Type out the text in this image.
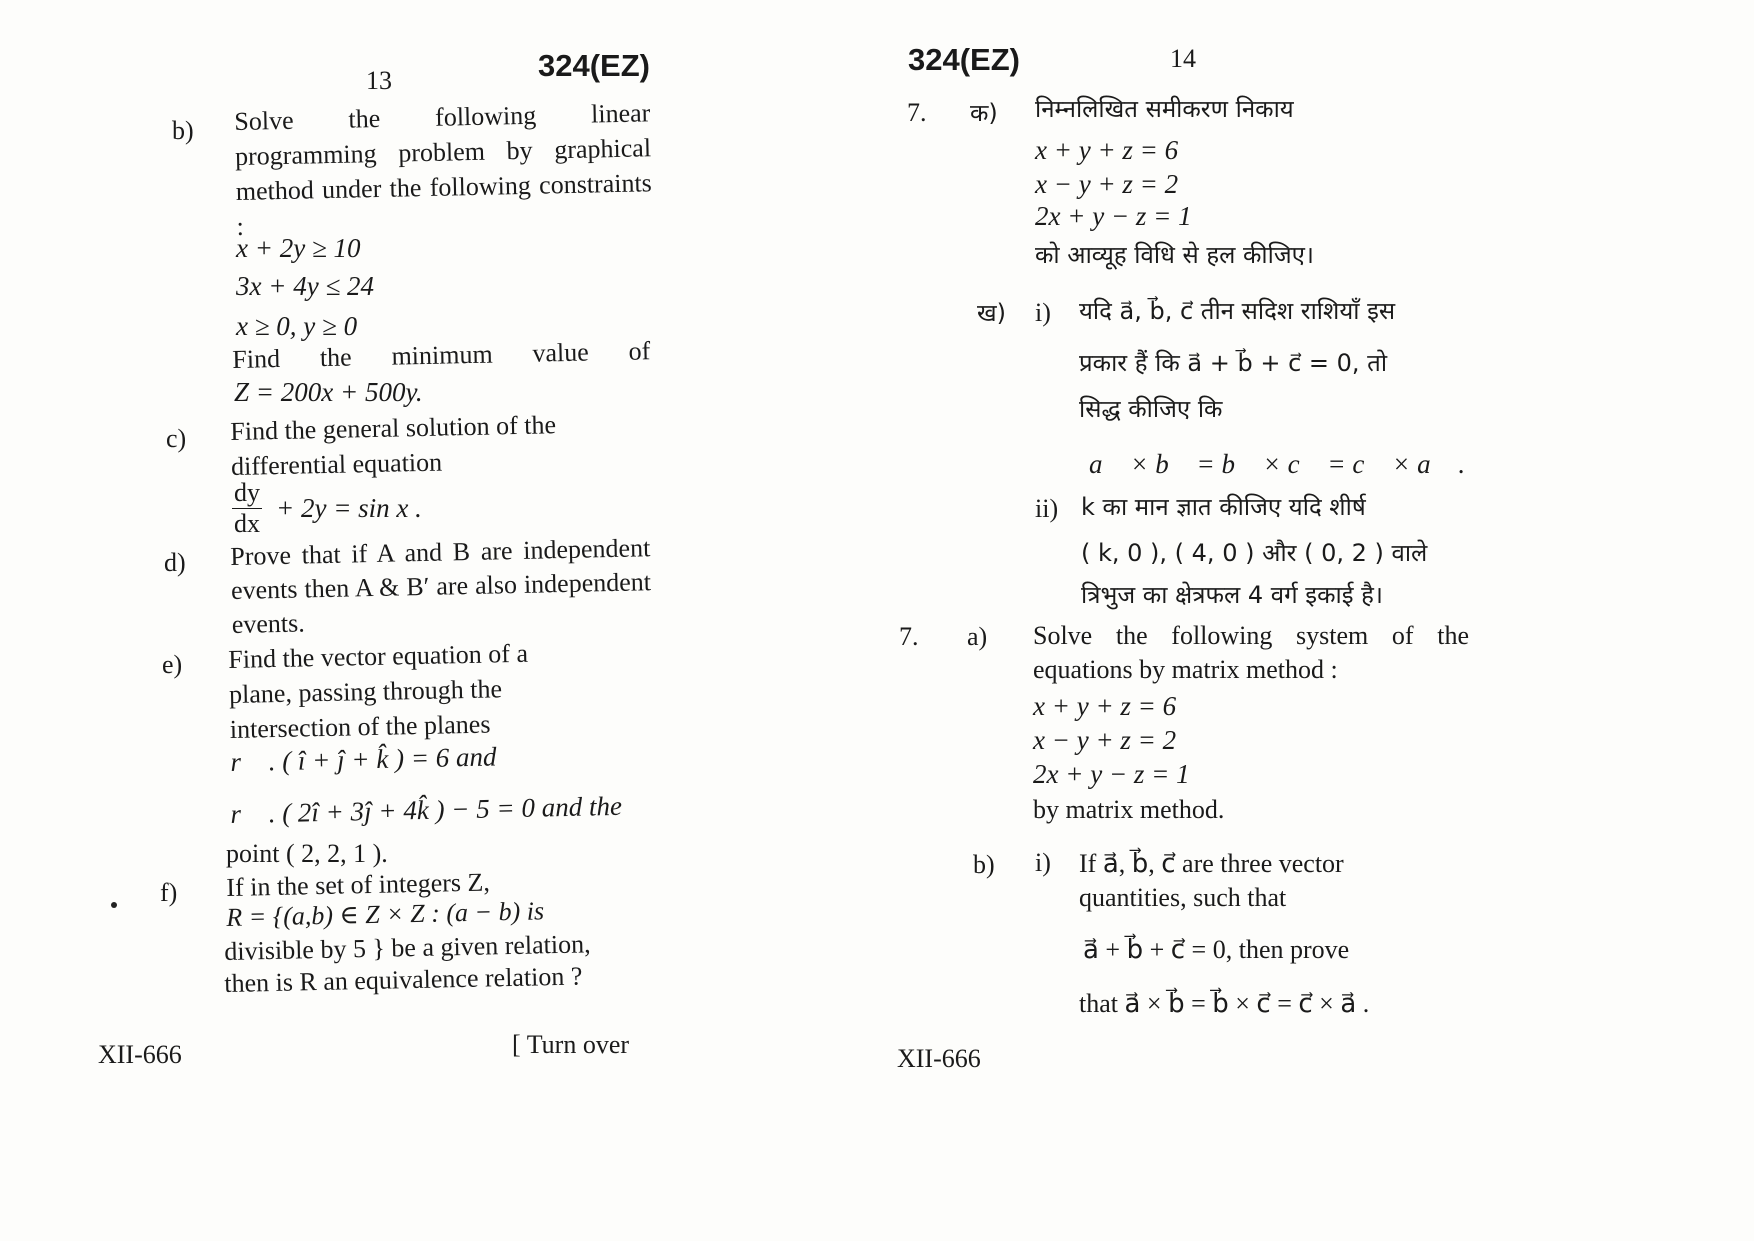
13	324(EZ)
b) Solve the following linear programming problem by graphical method under the following constraints :
x + 2y ≥ 10
3x + 4y ≤ 24
x ≥ 0, y ≥ 0
Find the minimum value of
Z = 200x + 500y.
c) Find the general solution of the differential equation
$\frac{dy}{dx} + 2y = \sin x$ .
d) Prove that if A and B are independent events then A & B′ are also independent events.
e) Find the vector equation of a plane, passing through the intersection of the planes
r⃗ . ( î + ĵ + k̂ ) = 6 and
r⃗ . ( 2î + 3ĵ + 4k̂ ) − 5 = 0 and the
point ( 2, 2, 1 ).
f) If in the set of integers Z,
R = {(a,b) ∈ Z × Z : (a − b) is
divisible by 5 } be a given relation,
then is R an equivalence relation ?
XII-666	[ Turn over
324(EZ)	14
7. क) निम्नलिखित समीकरण निकाय
x + y + z = 6
x − y + z = 2
2x + y − z = 1
को आव्यूह विधि से हल कीजिए।
ख) i) यदि a⃗, b⃗, c⃗ तीन सदिश राशियाँ इस
प्रकार हैं कि a⃗ + b⃗ + c⃗ = 0, तो
सिद्ध कीजिए कि
a⃗ × b⃗ = b⃗ × c⃗ = c⃗ × a⃗ .
ii) k का मान ज्ञात कीजिए यदि शीर्ष
( k, 0 ), ( 4, 0 ) और ( 0, 2 ) वाले
त्रिभुज का क्षेत्रफल 4 वर्ग इकाई है।
7. a) Solve the following system of the
equations by matrix method :
x + y + z = 6
x − y + z = 2
2x + y − z = 1
by matrix method.
b) i) If a⃗, b⃗, c⃗ are three vector
quantities, such that
a⃗ + b⃗ + c⃗ = 0, then prove
that a⃗ × b⃗ = b⃗ × c⃗ = c⃗ × a⃗ .
XII-666
